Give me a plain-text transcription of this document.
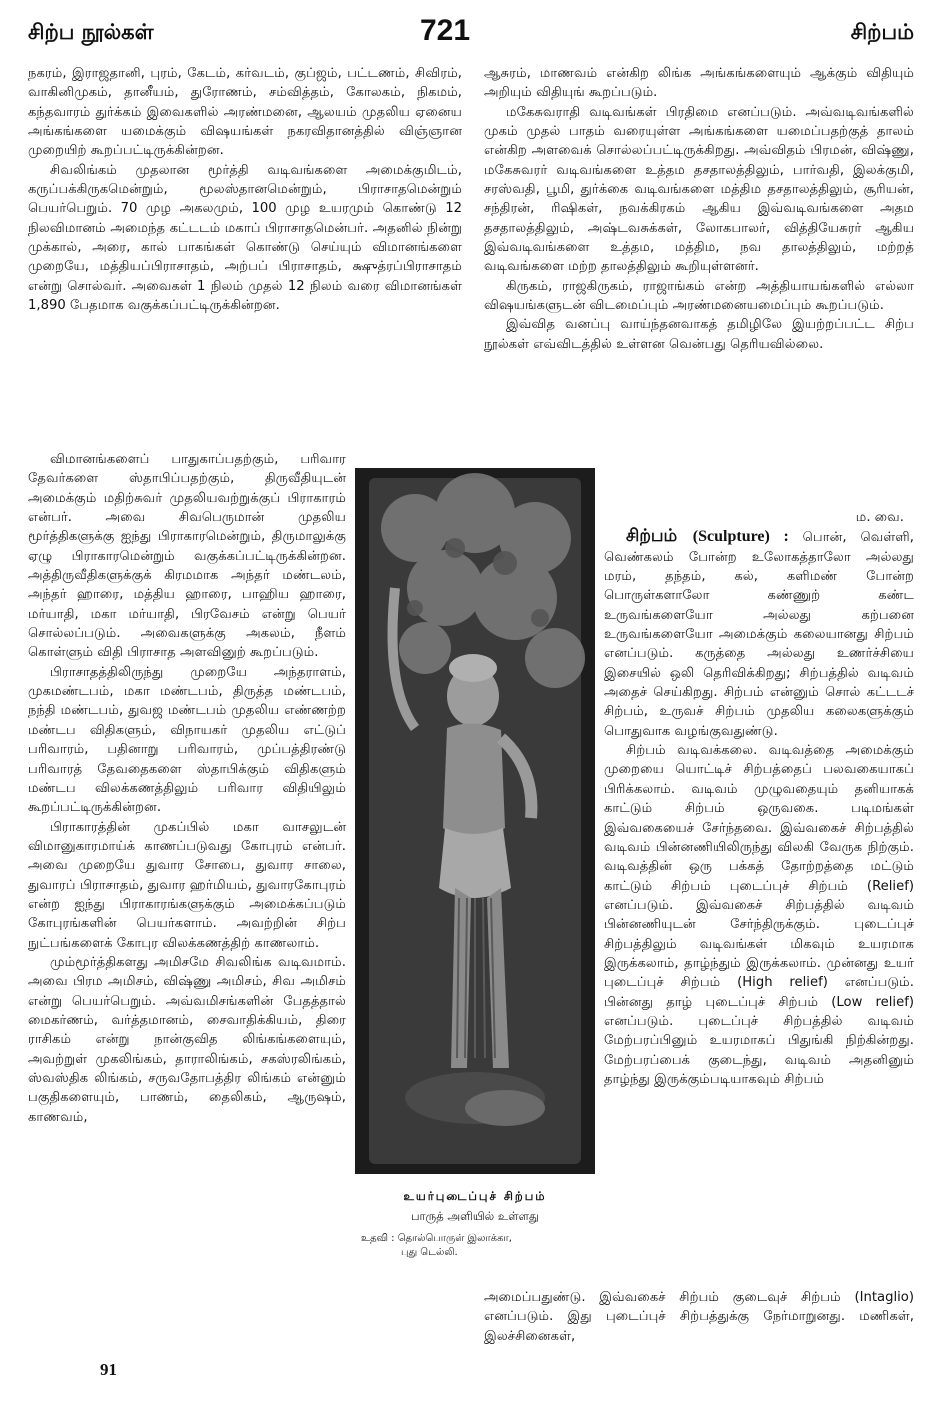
சிற்ப நூல்கள்	721	சிற்பம்

நகரம், இராஜதானி, புரம், கேடம், கர்வடம், குப்ஜம், பட்டணம், சிவிரம், வாகினிமுகம், தானீயம், துரோணம், சம்வித்தம், கோலகம், நிகமம், கந்தவாரம் துர்க்கம் இவைகளில் அரண்மனை, ஆலயம் முதலிய ஏனைய அங்கங்களை யமைக்கும் விஷயங்கள் நகரவிதானத்தில் விஞ்ஞான முறையிற் கூறப்பட்டிருக்கின்றன.

சிவலிங்கம் முதலான மூர்த்தி வடிவங்களை அமைக்குமிடம், கருப்பக்கிருகமென்றும், மூலஸ்தானமென்றும், பிராசாதமென்றும் பெயர்பெறும். 70 முழ அகலமும், 100 முழ உயரமும் கொண்டு 12 நிலவிமானம் அமைந்த கட்டடம் மகாப் பிராசாதமென்பர். அதனில் நின்று முக்கால், அரை, கால் பாகங்கள் கொண்டு செய்யும் விமானங்களை முறையே, மத்தியப்பிராசாதம், அற்பப் பிராசாதம், க்ஷுத்ரப்பிராசாதம் என்று சொல்வர். அவைகள் 1 நிலம் முதல் 12 நிலம் வரை விமானங்கள் 1,890 பேதமாக வகுக்கப்பட்டிருக்கின்றன.

விமானங்களைப் பாதுகாப்பதற்கும், பரிவார தேவர்களை ஸ்தாபிப்பதற்கும், திருவீதியுடன் அமைக்கும் மதிற்சுவர் முதலியவற்றுக்குப் பிராகாரம் என்பர். அவை சிவபெருமான் முதலிய மூர்த்திகளுக்கு ஐந்து பிராகாரமென்றும், திருமாலுக்கு ஏழு பிராகாரமென்றும் வகுக்கப்பட்டிருக்கின்றன. அத்திருவீதிகளுக்குக் கிரமமாக அந்தர் மண்டலம், அந்தர் ஹாரை, மத்திய ஹாரை, பாஹிய ஹாரை, மர்யாதி, மகா மர்யாதி, பிரவேசம் என்று பெயர் சொல்லப்படும். அவைகளுக்கு அகலம், நீளம் கொள்ளும் விதி பிராசாத அளவினுற் கூறப்படும்.

பிராசாதத்திலிருந்து முறையே அந்தராளம், முகமண்டபம், மகா மண்டபம், திருத்த மண்டபம், நந்தி மண்டபம், துவஜ மண்டபம் முதலிய எண்ணற்ற மண்டப விதிகளும், விநாயகர் முதலிய எட்டுப் பரிவாரம், பதினாறு பரிவாரம், முப்பத்திரண்டு பரிவாரத் தேவதைகளை ஸ்தாபிக்கும் விதிகளும் மண்டப விலக்கணத்திலும் பரிவார விதியிலும் கூறப்பட்டிருக்கின்றன.

பிராகாரத்தின் முகப்பில் மகா வாசலுடன் விமானுகாரமாய்க் காணப்படுவது கோபுரம் என்பர். அவை முறையே துவார சோபை, துவார சாலை, துவாரப் பிராசாதம், துவார ஹர்மியம், துவாரகோபுரம் என்ற ஐந்து பிராகாரங்களுக்கும் அமைக்கப்படும் கோபுரங்களின் பெயர்களாம். அவற்றின் சிற்ப நுட்பங்களைக் கோபுர விலக்கணத்திற் காணலாம்.

மும்மூர்த்திகளது அமிசமே சிவலிங்க வடிவமாம். அவை பிரம அமிசம், விஷ்ணு அமிசம், சிவ அமிசம் என்று பெயர்பெறும். அவ்வமிசங்களின் பேதத்தால் மைகர்ணம், வர்த்தமானம், சைவாதிக்கியம், திரை ராசிகம் என்று நான்குவித லிங்கங்களையும், அவற்றுள் முகலிங்கம், தாராலிங்கம், சகஸ்ரலிங்கம், ஸ்வஸ்திக லிங்கம், சருவதோபத்திர லிங்கம் என்னும் பகுதிகளையும், பாணம், தைலிகம், ஆருஷம், காணவம்,

ஆசுரம், மாணவம் என்கிற லிங்க அங்கங்களையும் ஆக்கும் விதியும் அறியும் விதியுங் கூறப்படும்.

மகேசுவராதி வடிவங்கள் பிரதிமை எனப்படும். அவ்வடிவங்களில் முகம் முதல் பாதம் வரையுள்ள அங்கங்களை யமைப்பதற்குத் தாலம் என்கிற அளவைக் சொல்லப்பட்டிருக்கிறது. அவ்விதம் பிரமன், விஷ்ணு, மகேசுவரர் வடிவங்களை உத்தம தசதாலத்திலும், பார்வதி, இலக்குமி, சரஸ்வதி, பூமி, துர்க்கை வடிவங்களை மத்திம தசதாலத்திலும், சூரியன், சந்திரன், ரிஷிகள், நவக்கிரகம் ஆகிய இவ்வடிவங்களை அதம தசதாலத்திலும், அஷ்டவசுக்கள், லோகபாலர், வித்தியேசுரர் ஆகிய இவ்வடிவங்களை உத்தம, மத்திம, நவ தாலத்திலும், மற்றத் வடிவங்களை மற்ற தாலத்திலும் கூறியுள்ளனர்.

கிருகம், ராஜகிருகம், ராஜாங்கம் என்ற அத்தியாயங்களில் எல்லா விஷயங்களுடன் விடமைப்பும் அரண்மனையமைப்பும் கூறப்படும்.

இவ்வித வனப்பு வாய்ந்தனவாகத் தமிழிலே இயற்றப்பட்ட சிற்ப நூல்கள் எவ்விடத்தில் உள்ளன வென்பது தெரியவில்லை.

ம. வை.

சிற்பம் (Sculpture) : பொன், வெள்ளி, வெண்கலம் போன்ற உலோகத்தாலோ அல்லது மரம், தந்தம், கல், களிமண் போன்ற பொருள்களாலோ கண்ணுற் கண்ட உருவங்களையோ அல்லது கற்பனை உருவங்களையோ அமைக்கும் கலையானது சிற்பம் எனப்படும். கருத்தை அல்லது உணர்ச்சியை இசையில் ஒலி தெரிவிக்கிறது; சிற்பத்தில் வடிவம் அதைச் செய்கிறது. சிற்பம் என்னும் சொல் கட்டடச் சிற்பம், உருவச் சிற்பம் முதலிய கலைகளுக்கும் பொதுவாக வழங்குவதுண்டு.

சிற்பம் வடிவக்கலை. வடிவத்தை அமைக்கும் முறையை யொட்டிச் சிற்பத்தைப் பலவகையாகப் பிரிக்கலாம். வடிவம் முழுவதையும் தனியாகக் காட்டும் சிற்பம் ஒருவகை. படிமங்கள் இவ்வகையைச் சேர்ந்தவை. இவ்வகைச் சிற்பத்தில் வடிவம் பின்னணியிலிருந்து விலகி வேருக நிற்கும். வடிவத்தின் ஒரு பக்கத் தோற்றத்தை மட்டும் காட்டும் சிற்பம் புடைப்புச் சிற்பம் (Relief) எனப்படும். இவ்வகைச் சிற்பத்தில் வடிவம் பின்னணியுடன் சேர்ந்திருக்கும். புடைப்புச் சிற்பத்திலும் வடிவங்கள் மிகவும் உயரமாக இருக்கலாம், தாழ்ந்தும் இருக்கலாம். முன்னது உயர் புடைப்புச் சிற்பம் (High relief) எனப்படும். பின்னது தாழ் புடைப்புச் சிற்பம் (Low relief) எனப்படும். புடைப்புச் சிற்பத்தில் வடிவம் மேற்பரப்பினும் உயரமாகப் பிதுங்கி நிற்கின்றது. மேற்பரப்பைக் குடைந்து, வடிவம் அதனினும் தாழ்ந்து இருக்கும்படியாகவும் சிற்பம்

அமைப்பதுண்டு. இவ்வகைச் சிற்பம் குடைவுச் சிற்பம் (Intaglio) எனப்படும். இது புடைப்புச் சிற்பத்துக்கு நேர்மாறுனது. மணிகள், இலச்சினைகள்,

உயர்புடைப்புச் சிற்பம்
பாருத் அளியில் உள்ளது
உதவி : தொல்பொருள் இலாக்கா,
புது டெல்லி.
91
